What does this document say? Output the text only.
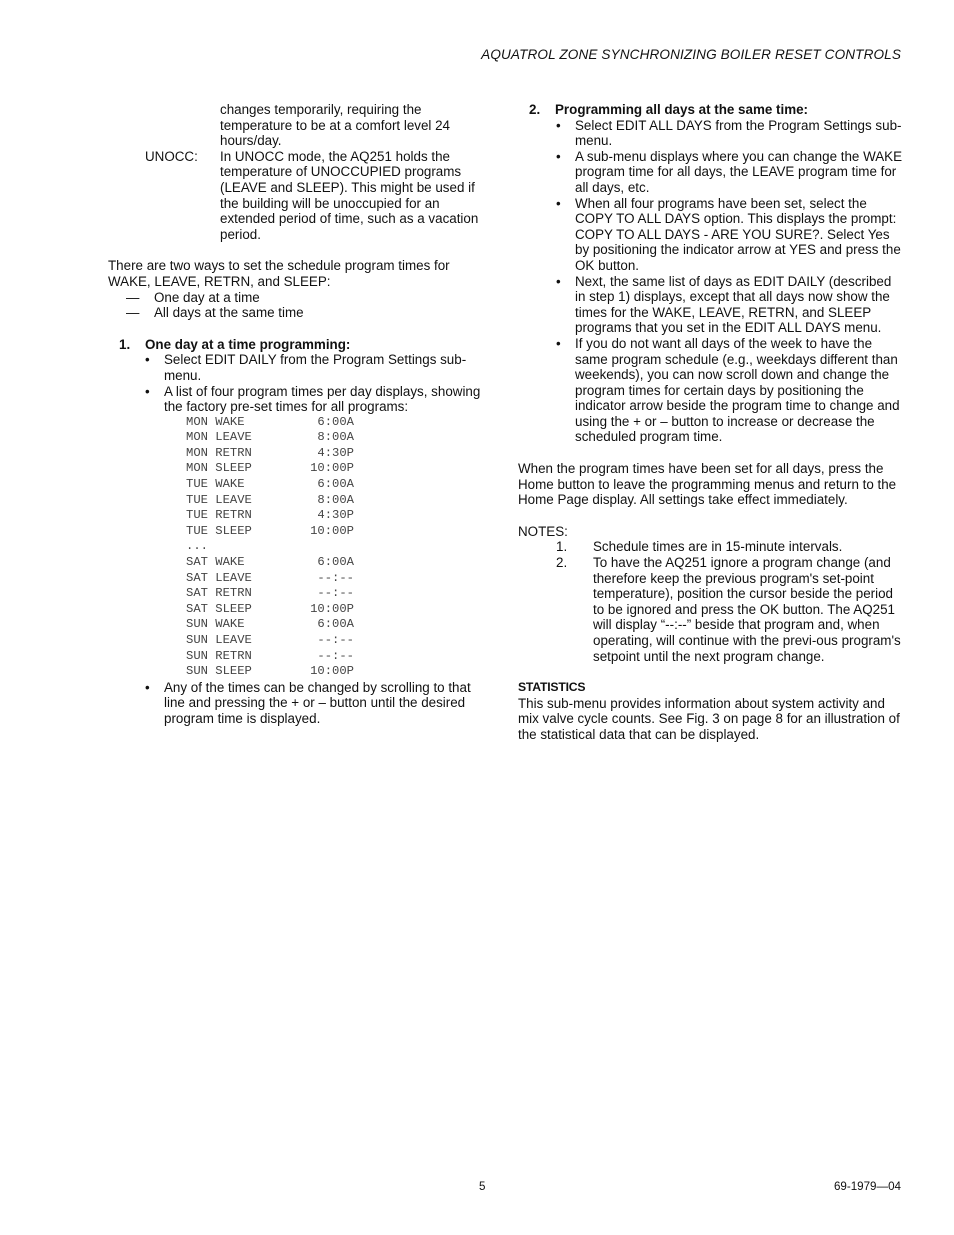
AQUATROL ZONE SYNCHRONIZING BOILER RESET CONTROLS
changes temporarily, requiring the temperature to be at a comfort level 24 hours/day.
UNOCC:	In UNOCC mode, the AQ251 holds the temperature of UNOCCUPIED programs (LEAVE and SLEEP). This might be used if the building will be unoccupied for an extended period of time, such as a vacation period.

There are two ways to set the schedule program times for WAKE, LEAVE, RETRN, and SLEEP:

—	One day at a time
—	All days at the same time
1.	One day at a time programming:
•	Select EDIT DAILY from the Program Settings sub-menu.
•	A list of four program times per day displays, showing the factory pre-set times for all programs:
MON WAKE	6:00A
MON LEAVE	8:00A
MON RETRN	4:30P
MON SLEEP	10:00P
TUE WAKE	6:00A
TUE LEAVE	8:00A
TUE RETRN	4:30P
TUE SLEEP	10:00P
...
SAT WAKE	6:00A
SAT LEAVE	--:--
SAT RETRN	--:--
SAT SLEEP	10:00P
SUN WAKE	6:00A
SUN LEAVE	--:--
SUN RETRN	--:--
SUN SLEEP	10:00P
•	Any of the times can be changed by scrolling to that line and pressing the + or – button until the desired program time is displayed.
2.	Programming all days at the same time:
•	Select EDIT ALL DAYS from the Program Settings sub-menu.
•	A sub-menu displays where you can change the WAKE program time for all days, the LEAVE program time for all days, etc.
•	When all four programs have been set, select the COPY TO ALL DAYS option. This displays the prompt: COPY TO ALL DAYS - ARE YOU SURE?. Select Yes by positioning the indicator arrow at YES and press the OK button.
•	Next, the same list of days as EDIT DAILY (described in step 1) displays, except that all days now show the times for the WAKE, LEAVE, RETRN, and SLEEP programs that you set in the EDIT ALL DAYS menu.
•	If you do not want all days of the week to have the same program schedule (e.g., weekdays different than weekends), you can now scroll down and change the program times for certain days by positioning the indicator arrow beside the program time to change and using the + or – button to increase or decrease the scheduled program time.

When the program times have been set for all days, press the Home button to leave the programming menus and return to the Home Page display. All settings take effect immediately.

NOTES:
1.	Schedule times are in 15-minute intervals.
2.	To have the AQ251 ignore a program change (and therefore keep the previous program's set-point temperature), position the cursor beside the period to be ignored and press the OK button. The AQ251 will display “--:--” beside that program and, when operating, will continue with the previ-ous program's setpoint until the next program change.
STATISTICS

This sub-menu provides information about system activity and mix valve cycle counts. See Fig. 3 on page 8 for an illustration of the statistical data that can be displayed.

5	69-1979—04
